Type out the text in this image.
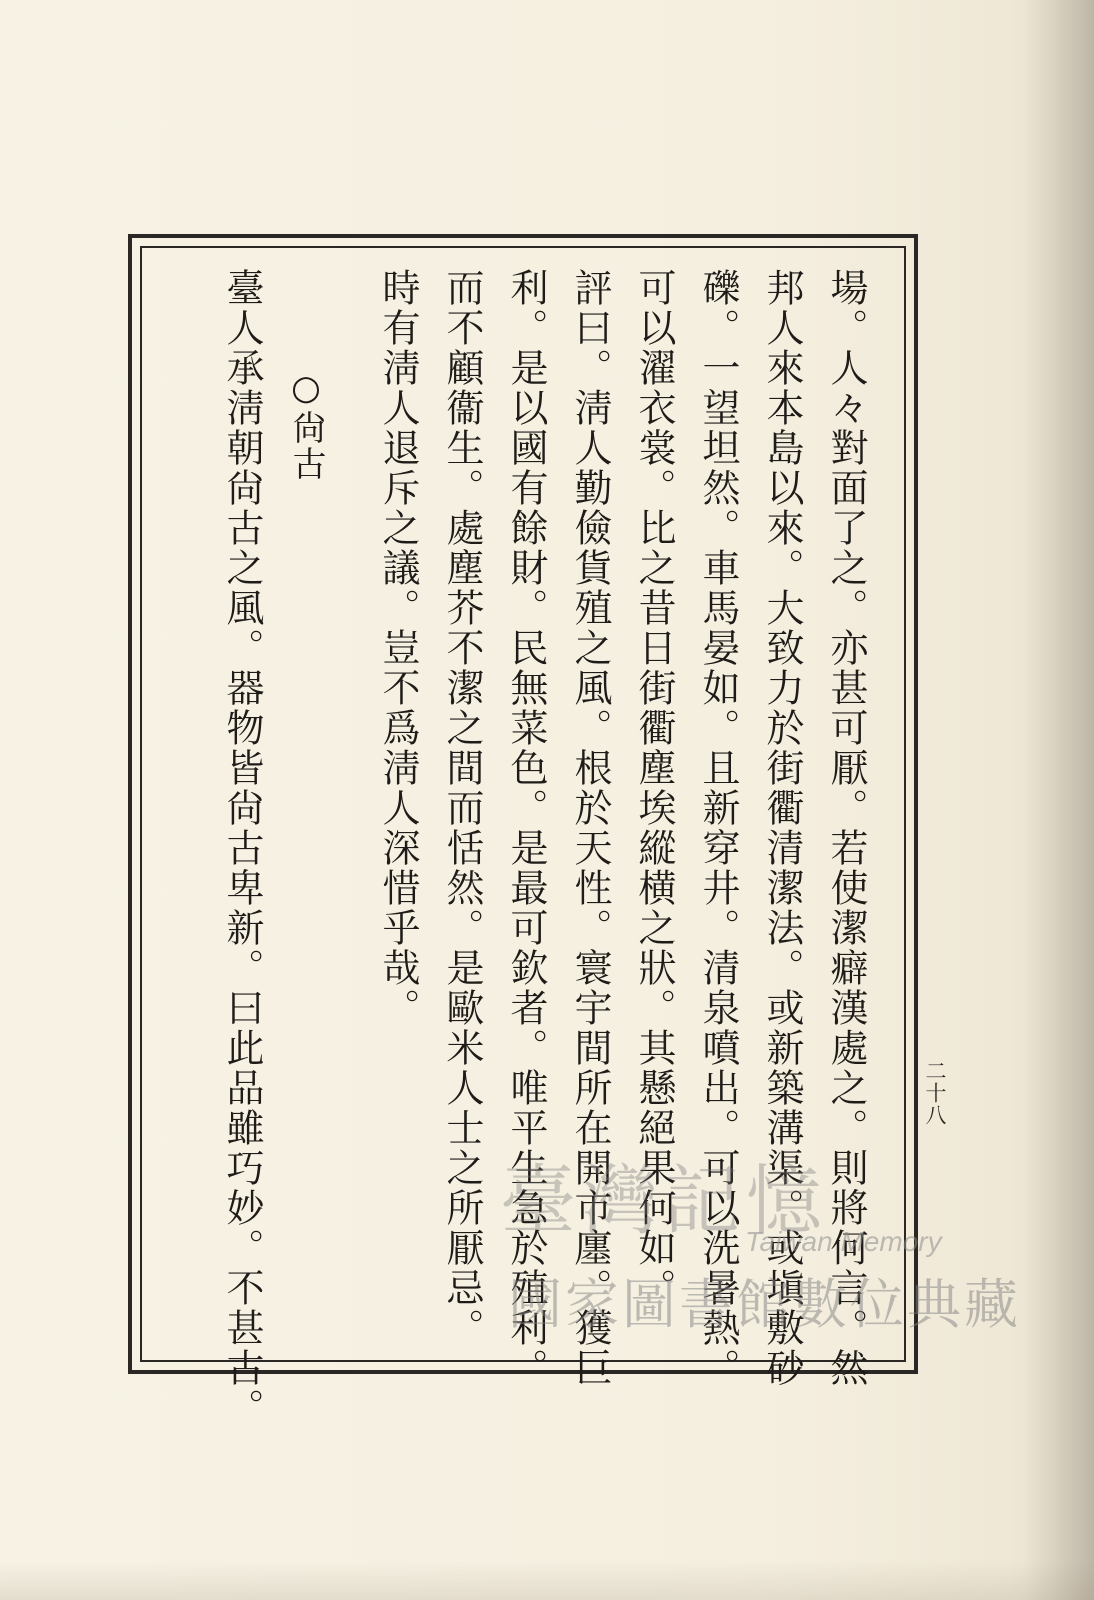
二十八
場。人々對面了之。亦甚可厭。若使潔癖漢處之。則將何言。然
邦人來本島以來。大致力於街衢清潔法。或新築溝渠。或塡敷砂
礫。一望坦然。車馬晏如。且新穿井。清泉噴出。可以洗暑熱。
可以濯衣裳。比之昔日街衢塵埃縱横之狀。其懸絕果何如。
評曰。淸人勤儉貨殖之風。根於天性。寰宇間所在開市廛。獲巨
利。是以國有餘財。民無菜色。是最可欽者。唯平生急於殖利。
而不顧衞生。處塵芥不潔之間而恬然。是歐米人士之所厭忌。
時有淸人退斥之議。豈不爲淸人深惜乎哉。
○尙古
臺人承淸朝尙古之風。器物皆尙古卑新。曰此品雖巧妙。不甚古。	臺灣記憶
Taiwan Memory
國家圖書館數位典藏
